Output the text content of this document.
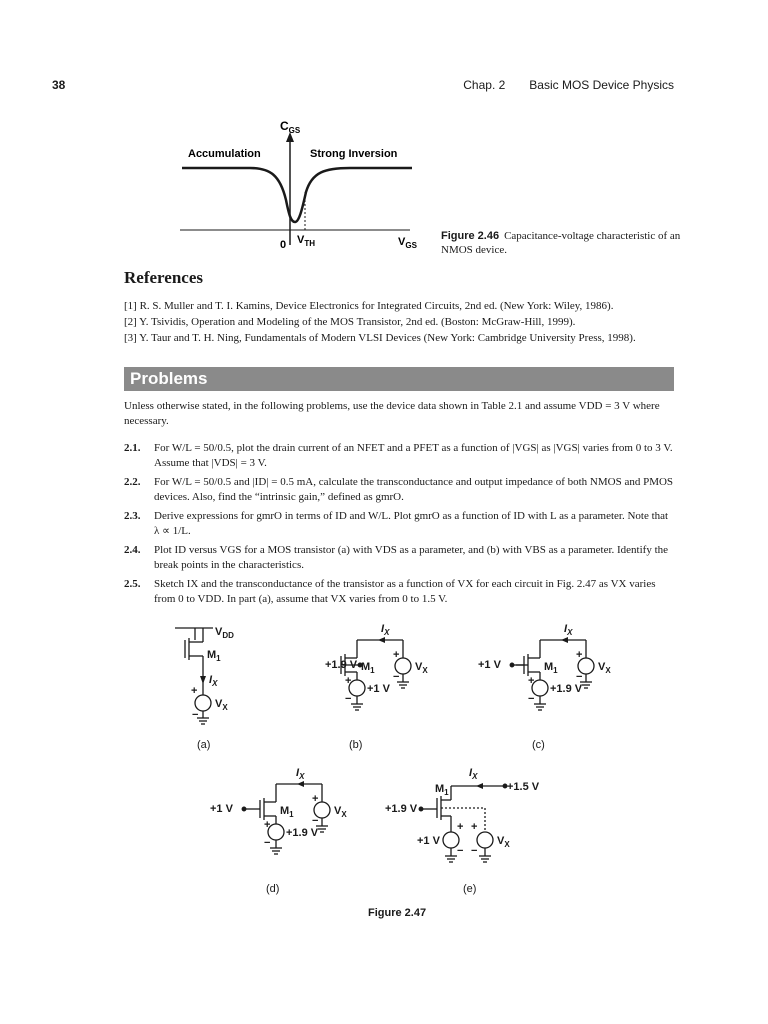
38	Chap. 2 Basic MOS Device Physics
$C_{GS}$
Accumulation	Strong Inversion
0 $V_{TH}$	$V_{GS}$
Figure 2.46 Capacitance-voltage characteristic of an NMOS device.
References
[1] R. S. Muller and T. I. Kamins, Device Electronics for Integrated Circuits, 2nd ed. (New York: Wiley, 1986).
[2] Y. Tsividis, Operation and Modeling of the MOS Transistor, 2nd ed. (Boston: McGraw-Hill, 1999).
[3] Y. Taur and T. H. Ning, Fundamentals of Modern VLSI Devices (New York: Cambridge University Press, 1998).
Problems
Unless otherwise stated, in the following problems, use the device data shown in Table 2.1 and assume VDD = 3 V where necessary.
2.1. For W/L = 50/0.5, plot the drain current of an NFET and a PFET as a function of |VGS| as |VGS| varies from 0 to 3 V. Assume that |VDS| = 3 V.
2.2. For W/L = 50/0.5 and |ID| = 0.5 mA, calculate the transconductance and output impedance of both NMOS and PMOS devices. Also, find the “intrinsic gain,” defined as gmrO.
2.3. Derive expressions for gmrO in terms of ID and W/L. Plot gmrO as a function of ID with L as a parameter. Note that λ ∝ 1/L.
2.4. Plot ID versus VGS for a MOS transistor (a) with VDS as a parameter, and (b) with VBS as a parameter. Identify the break points in the characteristics.
2.5. Sketch IX and the transconductance of the transistor as a function of VX for each circuit in Fig. 2.47 as VX varies from 0 to VDD. In part (a), assume that VX varies from 0 to 1.5 V.
$V_{DD}$
$M_1$
$I_X$
+
−
$V_X$
(a)
+1.9 V
$I_X$
$M_1$
+
−
$V_X$
+
−
+1 V
(b)
+1 V
$I_X$
$M_1$
+
−
$V_X$
+
−
+1.9 V
(c)
+1 V
$I_X$
$M_1$
+
−
$V_X$
+
−
+1.9 V
(d)
+1.9 V
$I_X$
+1.5 V
$M_1$
+ +
− −
+1 V	$V_X$
(e)
Figure 2.47
